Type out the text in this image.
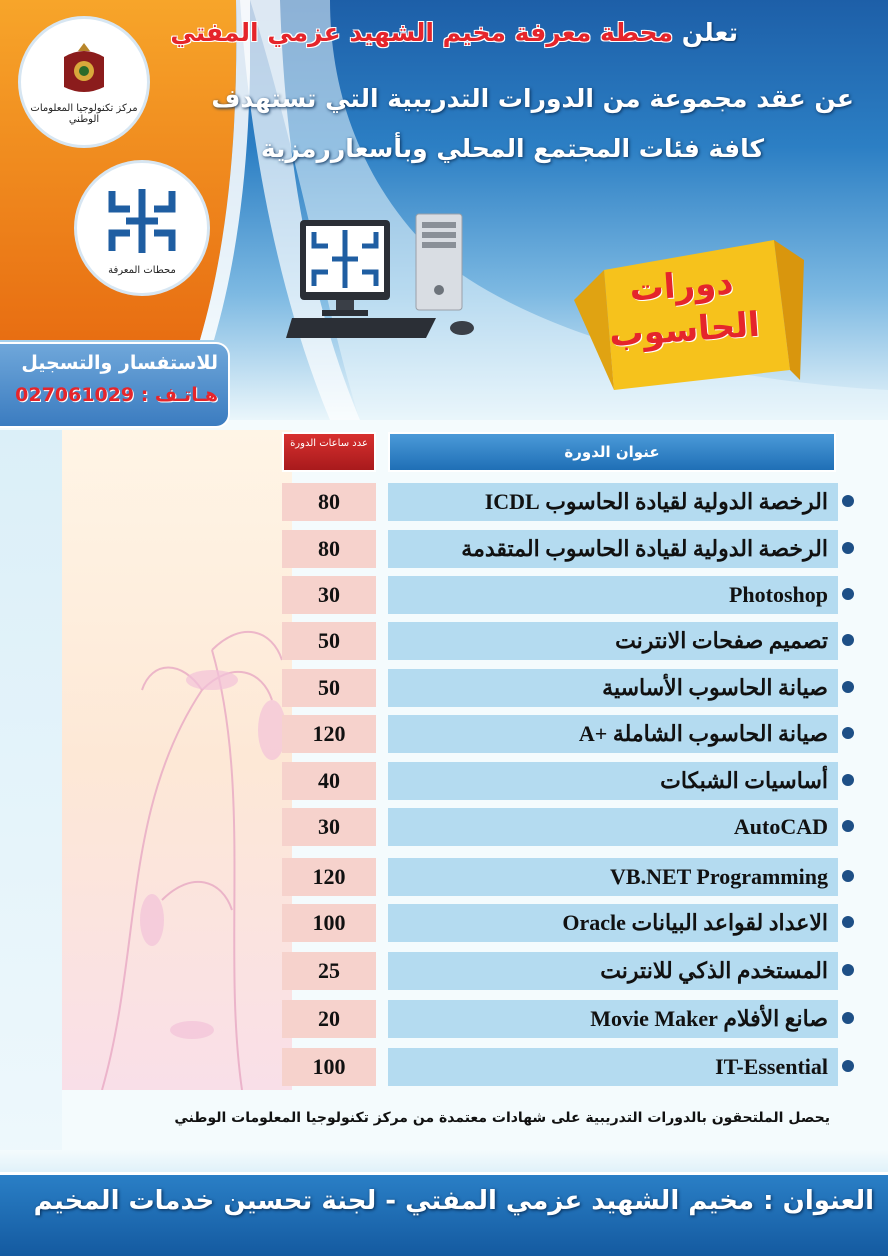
مركز تكنولوجيا المعلومات الوطني
محطات المعرفة
تعلن محطة معرفة مخيم الشهيد عزمي المفتي
عن عقد مجموعة من الدورات التدريبية التي تستهدف
كافة فئات المجتمع المحلي وبأسعاررمزية
دورات
الحاسوب
للاستفسار والتسجيل
هـاتـف : 027061029
عدد ساعات الدورة	عنوان الدورة
80	الرخصة الدولية لقيادة الحاسوب ICDL
80	الرخصة الدولية لقيادة الحاسوب المتقدمة
30	Photoshop
50	تصميم صفحات الانترنت
50	صيانة الحاسوب الأساسية
120	صيانة الحاسوب الشاملة +A
40	أساسيات الشبكات
30	AutoCAD
120	VB.NET Programming
100	الاعداد لقواعد البيانات Oracle
25	المستخدم الذكي للانترنت
20	صانع الأفلام Movie Maker
100	IT-Essential
يحصل الملتحقون بالدورات التدريبية على شهادات معتمدة من مركز تكنولوجيا المعلومات الوطني
العنوان : مخيم الشهيد عزمي المفتي - لجنة تحسين خدمات المخيم
